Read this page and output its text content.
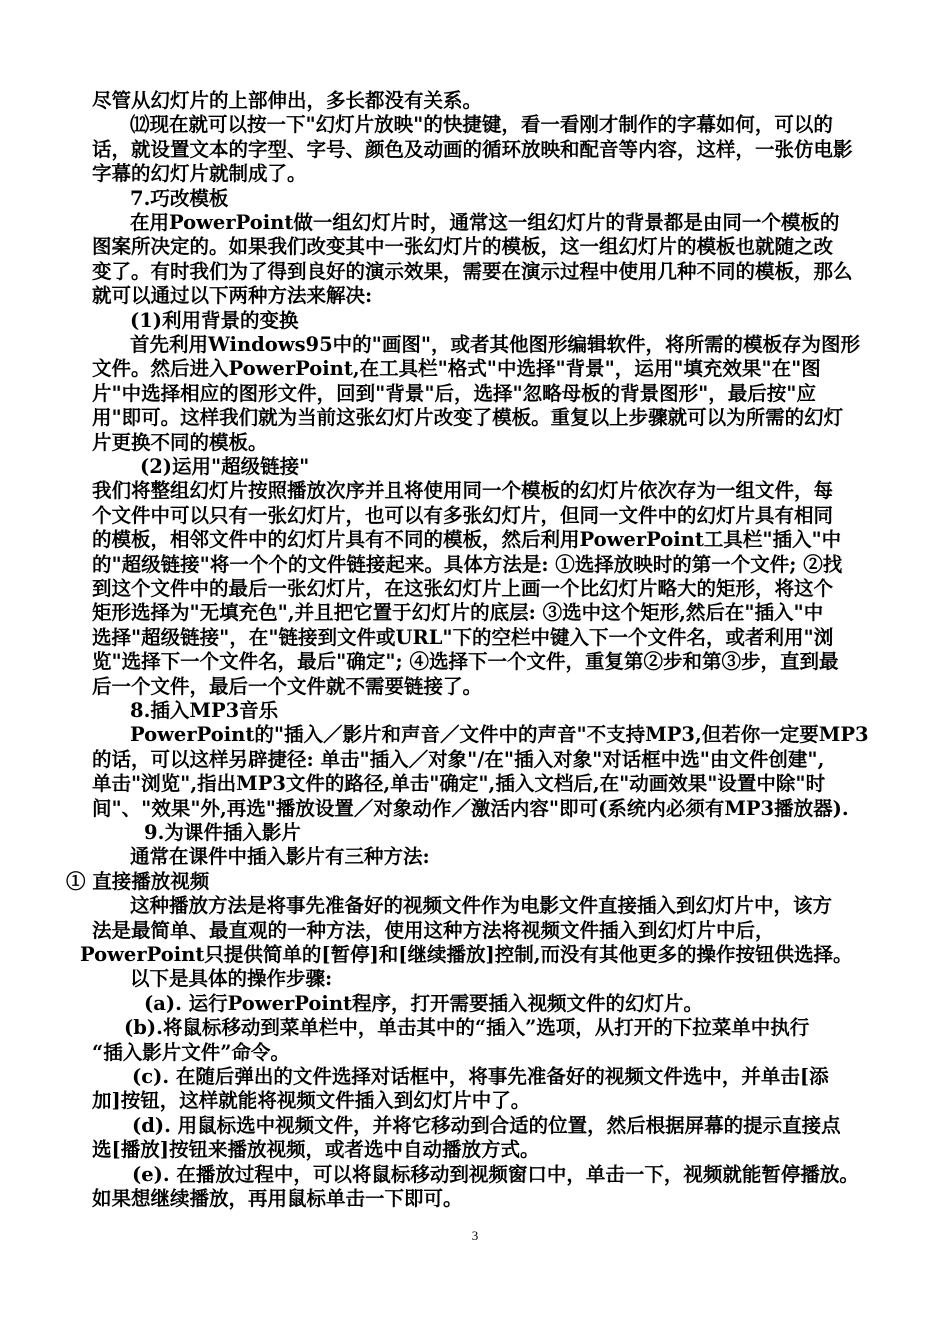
尽管从幻灯片的上部伸出，多长都没有关系。
⑿现在就可以按一下"幻灯片放映"的快捷键，看一看刚才制作的字幕如何，可以的
话，就设置文本的字型、字号、颜色及动画的循环放映和配音等内容，这样，一张仿电影
字幕的幻灯片就制成了。
7.巧改模板
在用PowerPoint做一组幻灯片时，通常这一组幻灯片的背景都是由同一个模板的
图案所决定的。如果我们改变其中一张幻灯片的模板，这一组幻灯片的模板也就随之改
变了。有时我们为了得到良好的演示效果，需要在演示过程中使用几种不同的模板，那么
就可以通过以下两种方法来解决:
(1)利用背景的变换
首先利用Windows95中的"画图"，或者其他图形编辑软件，将所需的模板存为图形
文件。然后进入PowerPoint,在工具栏"格式"中选择"背景"，运用"填充效果"在"图
片"中选择相应的图形文件，回到"背景"后，选择"忽略母板的背景图形"，最后按"应
用"即可。这样我们就为当前这张幻灯片改变了模板。重复以上步骤就可以为所需的幻灯
片更换不同的模板。
(2)运用"超级链接"
我们将整组幻灯片按照播放次序并且将使用同一个模板的幻灯片依次存为一组文件，每
个文件中可以只有一张幻灯片，也可以有多张幻灯片，但同一文件中的幻灯片具有相同
的模板，相邻文件中的幻灯片具有不同的模板，然后利用PowerPoint工具栏"插入"中
的"超级链接"将一个个的文件链接起来。具体方法是: ①选择放映时的第一个文件; ②找
到这个文件中的最后一张幻灯片，在这张幻灯片上画一个比幻灯片略大的矩形，将这个
矩形选择为"无填充色",并且把它置于幻灯片的底层: ③选中这个矩形,然后在"插入"中
选择"超级链接"，在"链接到文件或URL"下的空栏中键入下一个文件名，或者利用"浏
览"选择下一个文件名，最后"确定"; ④选择下一个文件，重复第②步和第③步，直到最
后一个文件，最后一个文件就不需要链接了。
8.插入MP3音乐
PowerPoint的"插入／影片和声音／文件中的声音"不支持MP3,但若你一定要MP3
的话，可以这样另辟捷径: 单击"插入／对象"/在"插入对象"对话框中选"由文件创建",
单击"浏览",指出MP3文件的路径,单击"确定",插入文档后,在"动画效果"设置中除"时
间"、"效果"外,再选"播放设置／对象动作／激活内容"即可(系统内必须有MP3播放器).
9.为课件插入影片
通常在课件中插入影片有三种方法:
① 直接播放视频
这种播放方法是将事先准备好的视频文件作为电影文件直接插入到幻灯片中，该方
法是最简单、最直观的一种方法，使用这种方法将视频文件插入到幻灯片中后，
PowerPoint只提供简单的[暂停]和[继续播放]控制,而没有其他更多的操作按钮供选择。
以下是具体的操作步骤:
(a). 运行PowerPoint程序，打开需要插入视频文件的幻灯片。
(b).将鼠标移动到菜单栏中，单击其中的“插入”选项，从打开的下拉菜单中执行
“插入影片文件”命令。
(c). 在随后弹出的文件选择对话框中，将事先准备好的视频文件选中，并单击[添
加]按钮，这样就能将视频文件插入到幻灯片中了。
(d). 用鼠标选中视频文件，并将它移动到合适的位置，然后根据屏幕的提示直接点
选[播放]按钮来播放视频，或者选中自动播放方式。
(e). 在播放过程中，可以将鼠标移动到视频窗口中，单击一下，视频就能暂停播放。
如果想继续播放，再用鼠标单击一下即可。
3
